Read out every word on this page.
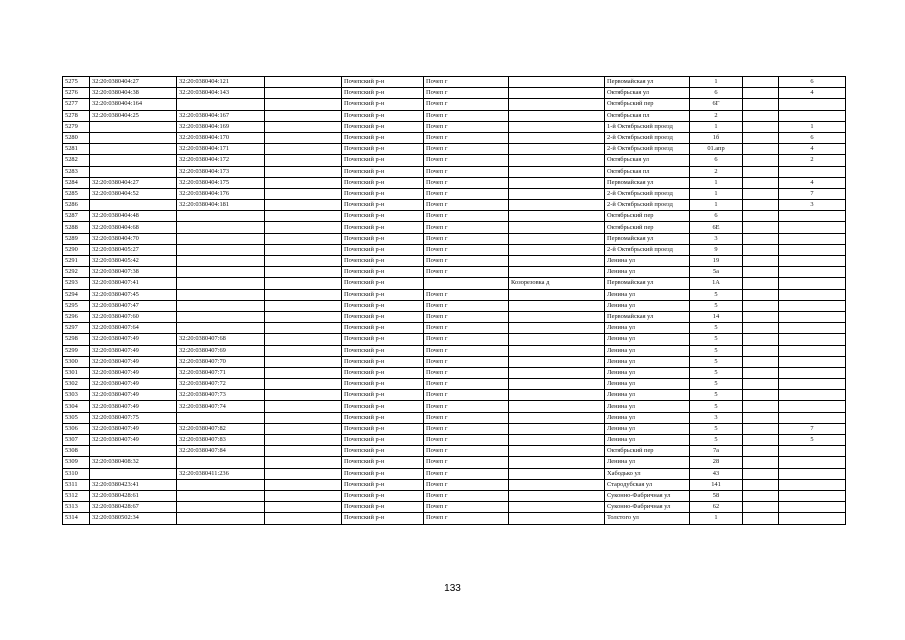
5275	32:20:0380404:27	32:20:0380404:121		Почепский р-н	Почеп г		Первомайская ул	1		6
5276	32:20:0380404:38	32:20:0380404:143		Почепский р-н	Почеп г		Октябрьская ул	6		4
5277	32:20:0380404:164			Почепский р-н	Почеп г		Октябрьский пер	6Г		
5278	32:20:0380404:25	32:20:0380404:167		Почепский р-н	Почеп г		Октябрьская пл	2		
5279		32:20:0380404:169		Почепский р-н	Почеп г		1-й Октябрьский проезд	1		1
5280		32:20:0380404:170		Почепский р-н	Почеп г		2-й Октябрьский проезд	1б		6
5281		32:20:0380404:171		Почепский р-н	Почеп г		2-й Октябрьский проезд	01.апр		4
5282		32:20:0380404:172		Почепский р-н	Почеп г		Октябрьская ул	6		2
5283		32:20:0380404:173		Почепский р-н	Почеп г		Октябрьская пл	2		
5284	32:20:0380404:27	32:20:0380404:175		Почепский р-н	Почеп г		Первомайская ул	1		4
5285	32:20:0380404:52	32:20:0380404:176		Почепский р-н	Почеп г		2-й Октябрьский проезд	1		7
5286		32:20:0380404:181		Почепский р-н	Почеп г		2-й Октябрьский проезд	1		3
5287	32:20:0380404:48			Почепский р-н	Почеп г		Октябрьский пер	6		
5288	32:20:0380404:68			Почепский р-н	Почеп г		Октябрьский пер	6Е		
5289	32:20:0380404:70			Почепский р-н	Почеп г		Первомайская ул	3		
5290	32:20:0380405:27			Почепский р-н	Почеп г		2-й Октябрьский проезд	9		
5291	32:20:0380405:42			Почепский р-н	Почеп г		Ленина ул	19		
5292	32:20:0380407:38			Почепский р-н	Почеп г		Ленина ул	5а		
5293	32:20:0380407:41			Почепский р-н		Козорезовка д	Первомайская ул	1А		
5294	32:20:0380407:45			Почепский р-н	Почеп г		Ленина ул	5		
5295	32:20:0380407:47			Почепский р-н	Почеп г		Ленина ул	5		
5296	32:20:0380407:60			Почепский р-н	Почеп г		Первомайская ул	14		
5297	32:20:0380407:64			Почепский р-н	Почеп г		Ленина ул	5		
5298	32:20:0380407:49	32:20:0380407:68		Почепский р-н	Почеп г		Ленина ул	5		
5299	32:20:0380407:49	32:20:0380407:69		Почепский р-н	Почеп г		Ленина ул	5		
5300	32:20:0380407:49	32:20:0380407:70		Почепский р-н	Почеп г		Ленина ул	5		
5301	32:20:0380407:49	32:20:0380407:71		Почепский р-н	Почеп г		Ленина ул	5		
5302	32:20:0380407:49	32:20:0380407:72		Почепский р-н	Почеп г		Ленина ул	5		
5303	32:20:0380407:49	32:20:0380407:73		Почепский р-н	Почеп г		Ленина ул	5		
5304	32:20:0380407:49	32:20:0380407:74		Почепский р-н	Почеп г		Ленина ул	5		
5305	32:20:0380407:75			Почепский р-н	Почеп г		Ленина ул	3		
5306	32:20:0380407:49	32:20:0380407:82		Почепский р-н	Почеп г		Ленина ул	5		7
5307	32:20:0380407:49	32:20:0380407:83		Почепский р-н	Почеп г		Ленина ул	5		5
5308		32:20:0380407:84		Почепский р-н	Почеп г		Октябрьский пер	7а		
5309	32:20:0380408:32			Почепский р-н	Почеп г		Ленина ул	28		
5310		32:20:0380411:236		Почепский р-н	Почеп г		Хабодько ул	43		
5311	32:20:0380423:41			Почепский р-н	Почеп г		Стародубская ул	141		
5312	32:20:0380428:61			Почепский р-н	Почеп г		Суконно-Фабричная ул	58		
5313	32:20:0380428:67			Почепский р-н	Почеп г		Суконно-Фабричная ул	62		
5314	32:20:0380502:34			Почепский р-н	Почеп г		Толстого ул	1		
133
